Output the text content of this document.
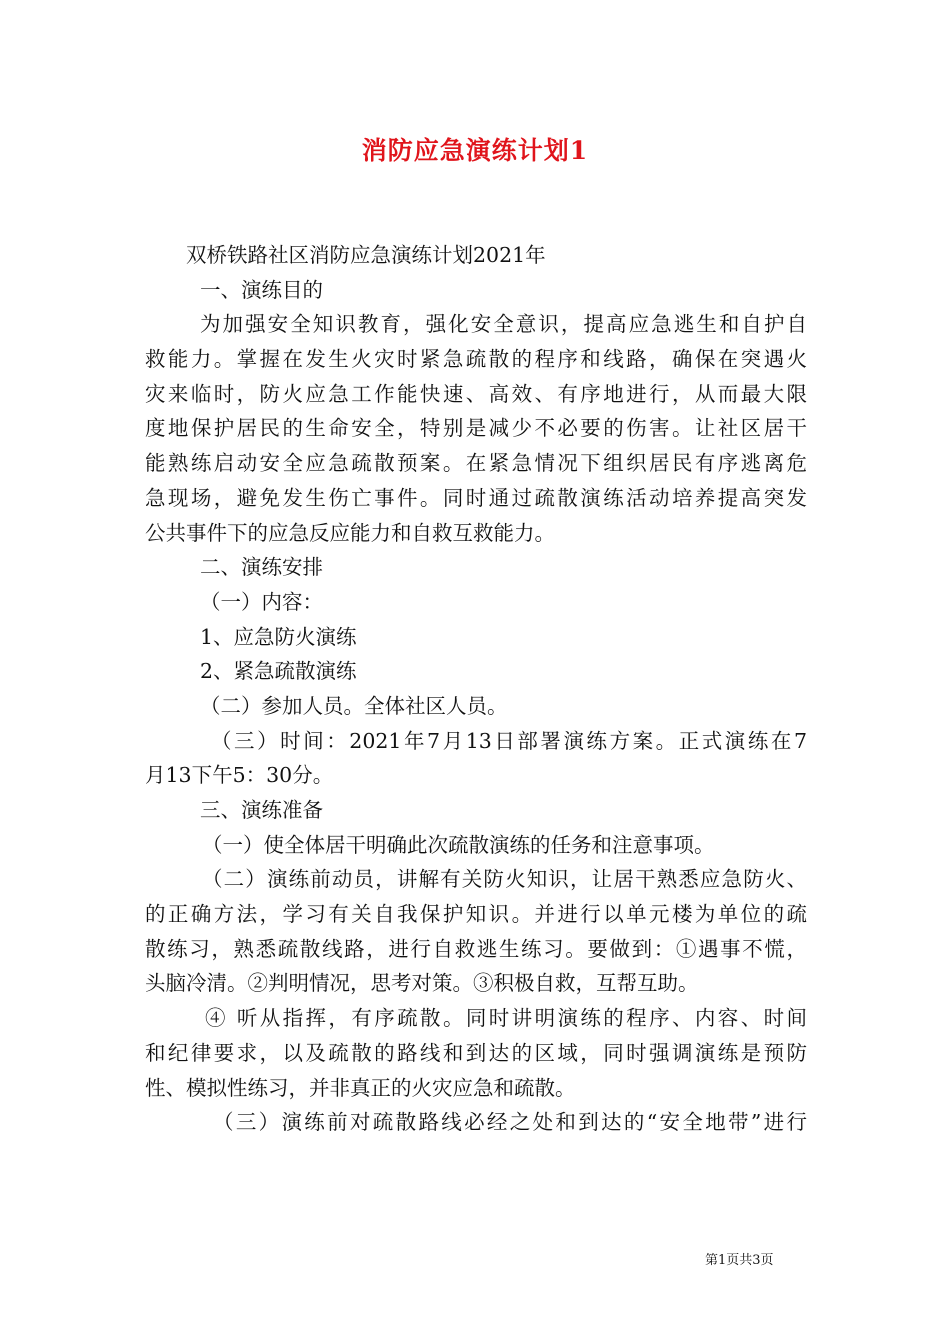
消防应急演练计划1
双桥铁路社区消防应急演练计划2021年
一、演练目的
为加强安全知识教育，强化安全意识，提高应急逃生和自护自
救能力。掌握在发生火灾时紧急疏散的程序和线路，确保在突遇火
灾来临时，防火应急工作能快速、高效、有序地进行，从而最大限
度地保护居民的生命安全，特别是减少不必要的伤害。让社区居干
能熟练启动安全应急疏散预案。在紧急情况下组织居民有序逃离危
急现场，避免发生伤亡事件。同时通过疏散演练活动培养提高突发
公共事件下的应急反应能力和自救互救能力。
二、演练安排
（一）内容：
1、应急防火演练
2、紧急疏散演练
（二）参加人员。全体社区人员。
（三）时间：2021年7月13日部署演练方案。正式演练在7
月13下午5：30分。
三、演练准备
（一）使全体居干明确此次疏散演练的任务和注意事项。
（二）演练前动员，讲解有关防火知识，让居干熟悉应急防火、
的正确方法，学习有关自我保护知识。并进行以单元楼为单位的疏
散练习，熟悉疏散线路，进行自救逃生练习。要做到：①遇事不慌，
头脑冷清。②判明情况，思考对策。③积极自救，互帮互助。
④ 听从指挥，有序疏散。同时讲明演练的程序、内容、时间
和纪律要求，以及疏散的路线和到达的区域，同时强调演练是预防
性、模拟性练习，并非真正的火灾应急和疏散。
（三）演练前对疏散路线必经之处和到达的“安全地带”进行
第1页共3页
